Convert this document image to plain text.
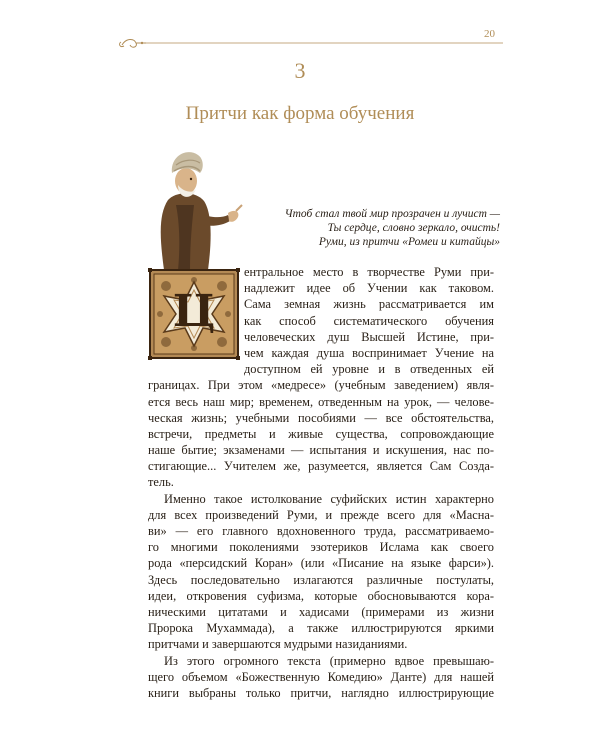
20
3
Притчи как форма обучения
Чтоб стал твой мир прозрачен и лучист —
Ты сердце, словно зеркало, очисть!
Руми, из притчи «Ромеи и китайцы»
Ц
ентральное место в творчестве Руми при-
надлежит идее об Учении как таковом.
Сама земная жизнь рассматривается им
как способ систематического обучения
человеческих душ Высшей Истине, при-
чем каждая душа воспринимает Учение на
доступном ей уровне и в отведенных ей
границах. При этом «медресе» (учебным заведением) явля-
ется весь наш мир; временем, отведенным на урок, — челове-
ческая жизнь; учебными пособиями — все обстоятельства,
встречи, предметы и живые существа, сопровождающие
наше бытие; экзаменами — испытания и искушения, нас по-
стигающие... Учителем же, разумеется, является Сам Созда-
тель.
Именно такое истолкование суфийских истин характерно
для всех произведений Руми, и прежде всего для «Масна-
ви» — его главного вдохновенного труда, рассматриваемо-
го многими поколениями эзотериков Ислама как своего
рода «персидский Коран» (или «Писание на языке фарси»).
Здесь последовательно излагаются различные постулаты,
идеи, откровения суфизма, которые обосновываются кора-
ническими цитатами и хадисами (примерами из жизни
Пророка Мухаммада), а также иллюстрируются яркими
притчами и завершаются мудрыми назиданиями.
Из этого огромного текста (примерно вдвое превышаю-
щего объемом «Божественную Комедию» Данте) для нашей
книги выбраны только притчи, наглядно иллюстрирующие
